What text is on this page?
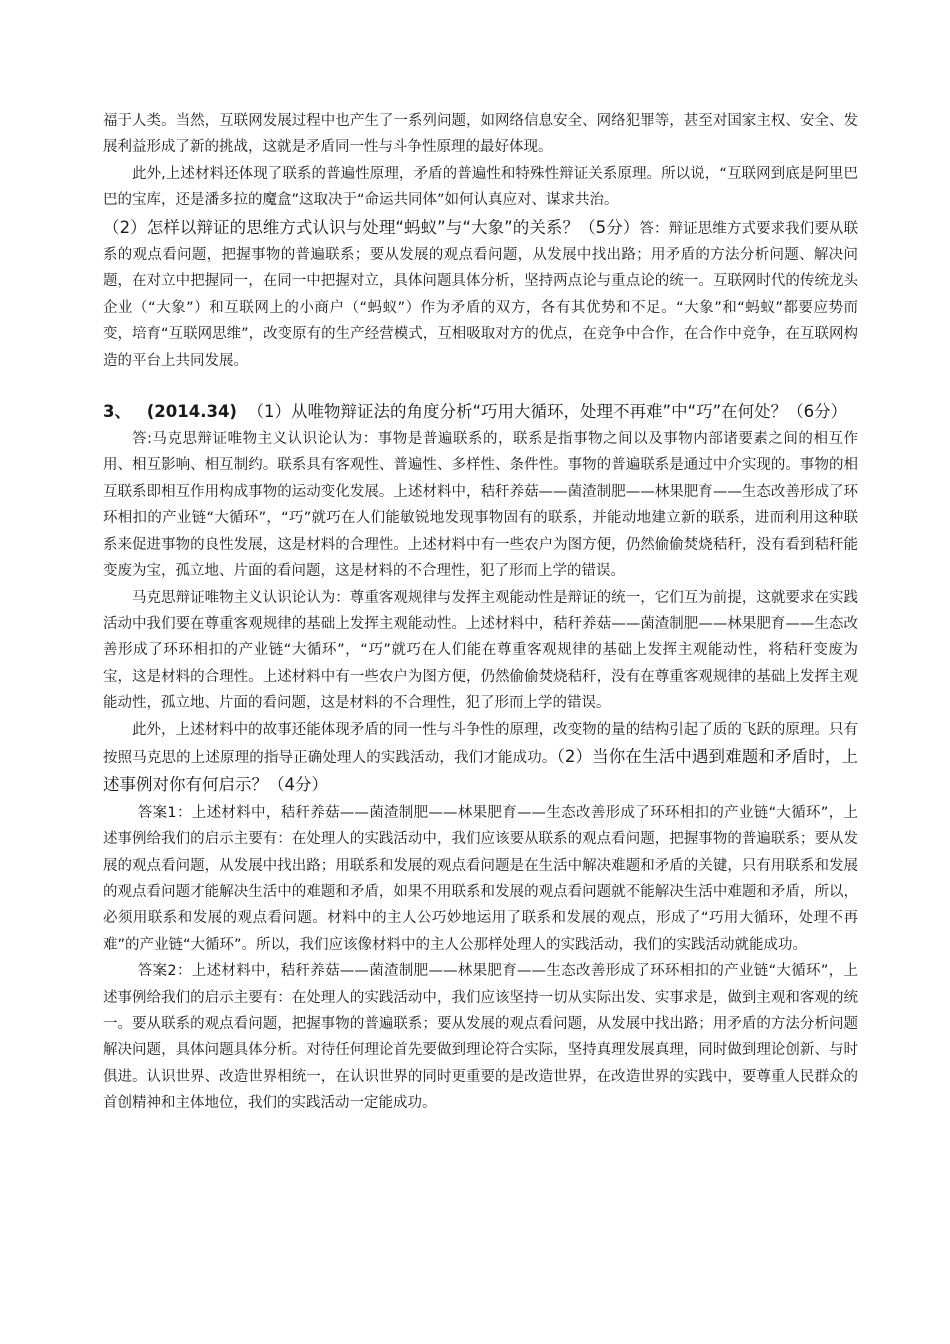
福于人类。当然，互联网发展过程中也产生了一系列问题，如网络信息安全、网络犯罪等，甚至对国家主权、安全、发展利益形成了新的挑战，这就是矛盾同一性与斗争性原理的最好体现。

此外,上述材料还体现了联系的普遍性原理，矛盾的普遍性和特殊性辩证关系原理。所以说，“互联网到底是阿里巴巴的宝库，还是潘多拉的魔盒”这取决于“命运共同体”如何认真应对、谋求共治。

（2）怎样以辩证的思维方式认识与处理“蚂蚁”与“大象”的关系？（5分）答：辩证思维方式要求我们要从联系的观点看问题，把握事物的普遍联系；要从发展的观点看问题，从发展中找出路；用矛盾的方法分析问题、解决问题，在对立中把握同一，在同一中把握对立，具体问题具体分析，坚持两点论与重点论的统一。互联网时代的传统龙头企业（“大象”）和互联网上的小商户（“蚂蚁”）作为矛盾的双方，各有其优势和不足。“大象”和“蚂蚁”都要应势而变，培育“互联网思维”，改变原有的生产经营模式，互相吸取对方的优点，在竞争中合作，在合作中竞争，在互联网构造的平台上共同发展。

3、 (2014.34) （1）从唯物辩证法的角度分析“巧用大循环，处理不再难”中“巧”在何处？（6分）

答:马克思辩证唯物主义认识论认为：事物是普遍联系的，联系是指事物之间以及事物内部诸要素之间的相互作用、相互影响、相互制约。联系具有客观性、普遍性、多样性、条件性。事物的普遍联系是通过中介实现的。事物的相互联系即相互作用构成事物的运动变化发展。上述材料中，秸秆养菇——菌渣制肥——林果肥育——生态改善形成了环环相扣的产业链“大循环”，“巧”就巧在人们能敏锐地发现事物固有的联系，并能动地建立新的联系，进而利用这种联系来促进事物的良性发展，这是材料的合理性。上述材料中有一些农户为图方便，仍然偷偷焚烧秸秆，没有看到秸秆能变废为宝，孤立地、片面的看问题，这是材料的不合理性，犯了形而上学的错误。

马克思辩证唯物主义认识论认为：尊重客观规律与发挥主观能动性是辩证的统一，它们互为前提，这就要求在实践活动中我们要在尊重客观规律的基础上发挥主观能动性。上述材料中，秸秆养菇——菌渣制肥——林果肥育——生态改善形成了环环相扣的产业链“大循环”，“巧”就巧在人们能在尊重客观规律的基础上发挥主观能动性，将秸秆变废为宝，这是材料的合理性。上述材料中有一些农户为图方便，仍然偷偷焚烧秸秆，没有在尊重客观规律的基础上发挥主观能动性，孤立地、片面的看问题，这是材料的不合理性，犯了形而上学的错误。

此外，上述材料中的故事还能体现矛盾的同一性与斗争性的原理，改变物的量的结构引起了质的飞跃的原理。只有按照马克思的上述原理的指导正确处理人的实践活动，我们才能成功。（2）当你在生活中遇到难题和矛盾时，上述事例对你有何启示？（4分）

答案1：上述材料中，秸秆养菇——菌渣制肥——林果肥育——生态改善形成了环环相扣的产业链“大循环”，上述事例给我们的启示主要有：在处理人的实践活动中，我们应该要从联系的观点看问题，把握事物的普遍联系；要从发展的观点看问题，从发展中找出路；用联系和发展的观点看问题是在生活中解决难题和矛盾的关键，只有用联系和发展的观点看问题才能解决生活中的难题和矛盾，如果不用联系和发展的观点看问题就不能解决生活中难题和矛盾，所以，必须用联系和发展的观点看问题。材料中的主人公巧妙地运用了联系和发展的观点，形成了“巧用大循环，处理不再难”的产业链“大循环”。所以，我们应该像材料中的主人公那样处理人的实践活动，我们的实践活动就能成功。

答案2：上述材料中，秸秆养菇——菌渣制肥——林果肥育——生态改善形成了环环相扣的产业链“大循环”，上述事例给我们的启示主要有：在处理人的实践活动中，我们应该坚持一切从实际出发、实事求是，做到主观和客观的统一。要从联系的观点看问题，把握事物的普遍联系；要从发展的观点看问题，从发展中找出路；用矛盾的方法分析问题解决问题，具体问题具体分析。对待任何理论首先要做到理论符合实际，坚持真理发展真理，同时做到理论创新、与时俱进。认识世界、改造世界相统一，在认识世界的同时更重要的是改造世界，在改造世界的实践中，要尊重人民群众的首创精神和主体地位，我们的实践活动一定能成功。
